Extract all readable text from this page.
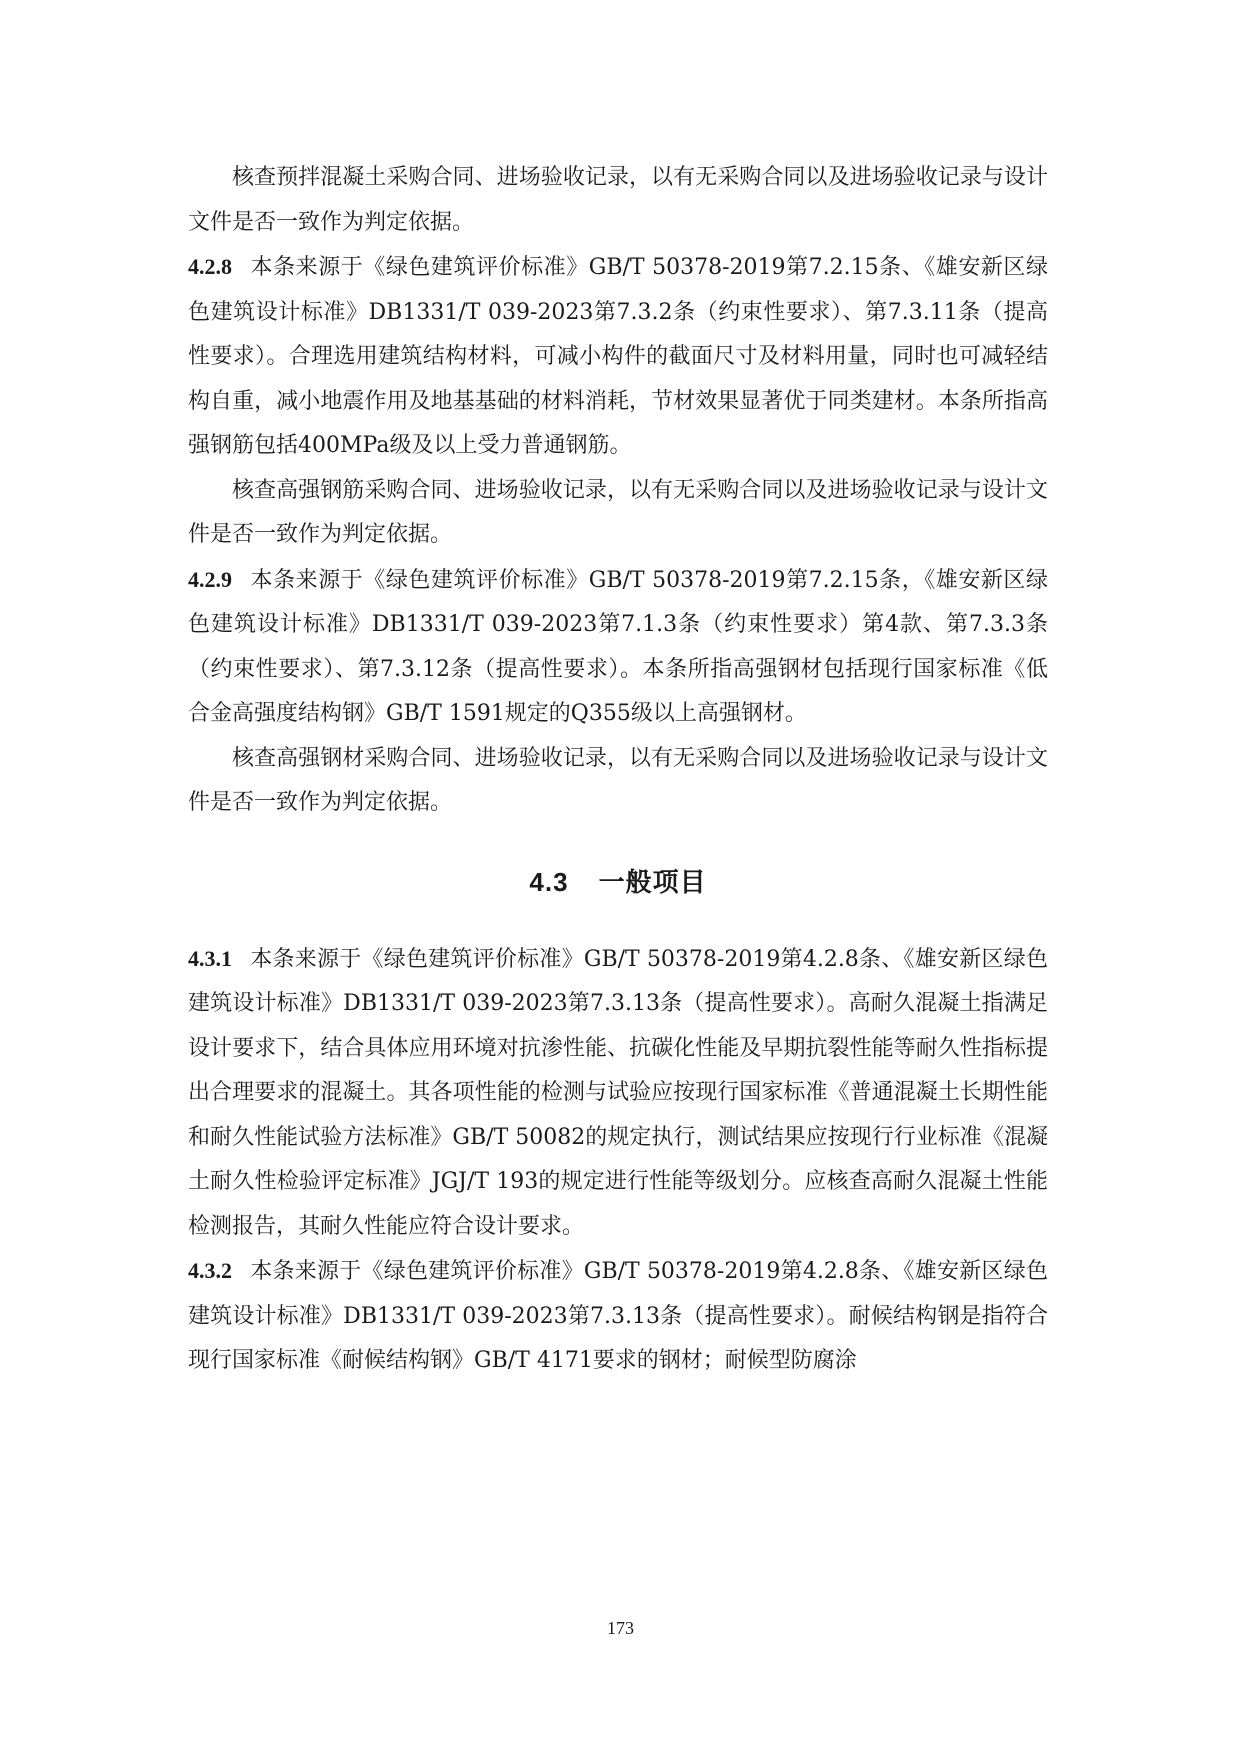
核查预拌混凝土采购合同、进场验收记录，以有无采购合同以及进场验收记录与设计文件是否一致作为判定依据。

4.2.8 本条来源于《绿色建筑评价标准》GB/T 50378-2019第7.2.15条、《雄安新区绿色建筑设计标准》DB1331/T 039-2023第7.3.2条（约束性要求）、第7.3.11条（提高性要求）。合理选用建筑结构材料，可减小构件的截面尺寸及材料用量，同时也可减轻结构自重，减小地震作用及地基基础的材料消耗，节材效果显著优于同类建材。本条所指高强钢筋包括400MPa级及以上受力普通钢筋。

核查高强钢筋采购合同、进场验收记录，以有无采购合同以及进场验收记录与设计文件是否一致作为判定依据。

4.2.9 本条来源于《绿色建筑评价标准》GB/T 50378-2019第7.2.15条，《雄安新区绿色建筑设计标准》DB1331/T 039-2023第7.1.3条（约束性要求）第4款、第7.3.3条（约束性要求）、第7.3.12条（提高性要求）。本条所指高强钢材包括现行国家标准《低合金高强度结构钢》GB/T 1591规定的Q355级以上高强钢材。

核查高强钢材采购合同、进场验收记录，以有无采购合同以及进场验收记录与设计文件是否一致作为判定依据。

4.3 一般项目

4.3.1 本条来源于《绿色建筑评价标准》GB/T 50378-2019第4.2.8条、《雄安新区绿色建筑设计标准》DB1331/T 039-2023第7.3.13条（提高性要求）。高耐久混凝土指满足设计要求下，结合具体应用环境对抗渗性能、抗碳化性能及早期抗裂性能等耐久性指标提出合理要求的混凝土。其各项性能的检测与试验应按现行国家标准《普通混凝土长期性能和耐久性能试验方法标准》GB/T 50082的规定执行，测试结果应按现行行业标准《混凝土耐久性检验评定标准》JGJ/T 193的规定进行性能等级划分。应核查高耐久混凝土性能检测报告，其耐久性能应符合设计要求。

4.3.2 本条来源于《绿色建筑评价标准》GB/T 50378-2019第4.2.8条、《雄安新区绿色建筑设计标准》DB1331/T 039-2023第7.3.13条（提高性要求）。耐候结构钢是指符合现行国家标准《耐候结构钢》GB/T 4171要求的钢材；耐候型防腐涂

173
